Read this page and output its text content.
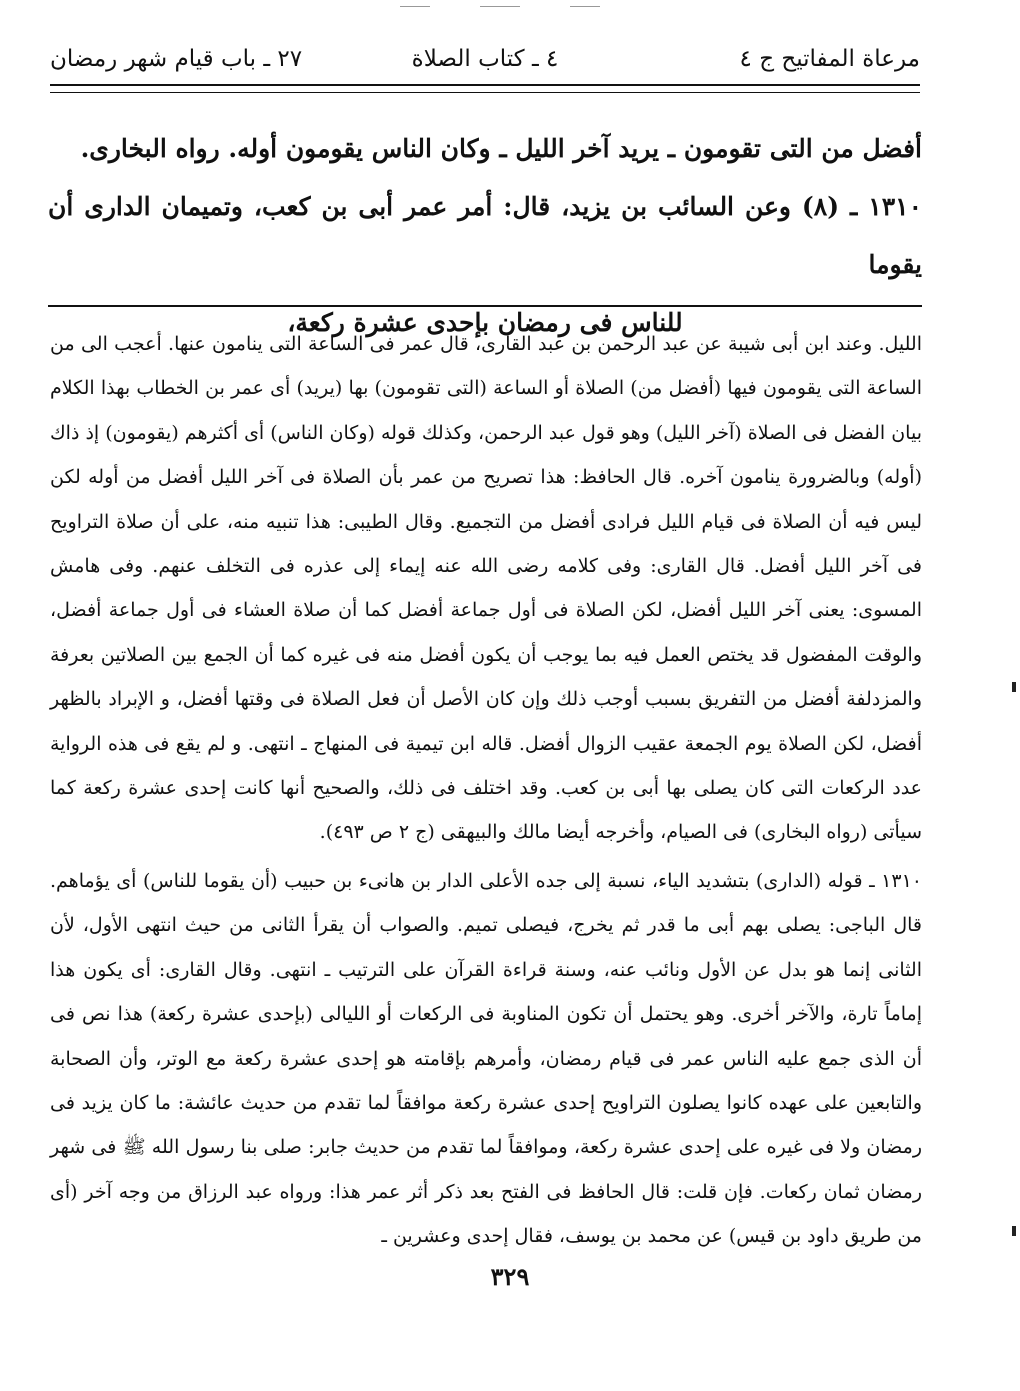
مرعاة المفاتيح ج ٤
٤ ـ كتاب الصلاة
٢٧ ـ باب قيام شهر رمضان

أفضل من التى تقومون ـ يريد آخر الليل ـ وكان الناس يقومون أوله. رواه البخارى.

١٣١٠ ـ (٨) وعن السائب بن يزيد، قال: أمر عمر أبى بن كعب، وتميمان الدارى أن يقوما

للناس فى رمضان بإحدى عشرة ركعة،

الليل. وعند ابن أبى شيبة عن عبد الرحمن بن عبد القارى، قال عمر فى الساعة التى ينامون عنها. أعجب الى من الساعة التى يقومون فيها (أفضل من) الصلاة أو الساعة (التى تقومون) بها (يريد) أى عمر بن الخطاب بهذا الكلام بيان الفضل فى الصلاة (آخر الليل) وهو قول عبد الرحمن، وكذلك قوله (وكان الناس) أى أكثرهم (يقومون) إذ ذاك (أوله) وبالضرورة ينامون آخره. قال الحافظ: هذا تصريح من عمر بأن الصلاة فى آخر الليل أفضل من أوله لكن ليس فيه أن الصلاة فى قيام الليل فرادى أفضل من التجميع. وقال الطيبى: هذا تنبيه منه، على أن صلاة التراويح فى آخر الليل أفضل. قال القارى: وفى كلامه رضى الله عنه إيماء إلى عذره فى التخلف عنهم. وفى هامش المسوى: يعنى آخر الليل أفضل، لكن الصلاة فى أول جماعة أفضل كما أن صلاة العشاء فى أول جماعة أفضل، والوقت المفضول قد يختص العمل فيه بما يوجب أن يكون أفضل منه فى غيره كما أن الجمع بين الصلاتين بعرفة والمزدلفة أفضل من التفريق بسبب أوجب ذلك وإن كان الأصل أن فعل الصلاة فى وقتها أفضل، و الإبراد بالظهر أفضل، لكن الصلاة يوم الجمعة عقيب الزوال أفضل. قاله ابن تيمية فى المنهاج ـ انتهى. و لم يقع فى هذه الرواية عدد الركعات التى كان يصلى بها أبى بن كعب. وقد اختلف فى ذلك، والصحيح أنها كانت إحدى عشرة ركعة كما سيأتى (رواه البخارى) فى الصيام، وأخرجه أيضا مالك والبيهقى (ج ٢ ص ٤٩٣).

١٣١٠ ـ قوله (الدارى) بتشديد الياء، نسبة إلى جده الأعلى الدار بن هانىء بن حبيب (أن يقوما للناس) أى يؤماهم. قال الباجى: يصلى بهم أبى ما قدر ثم يخرج، فيصلى تميم. والصواب أن يقرأ الثانى من حيث انتهى الأول، لأن الثانى إنما هو بدل عن الأول ونائب عنه، وسنة قراءة القرآن على الترتيب ـ انتهى. وقال القارى: أى يكون هذا إماماً تارة، والآخر أخرى. وهو يحتمل أن تكون المناوبة فى الركعات أو الليالى (بإحدى عشرة ركعة) هذا نص فى أن الذى جمع عليه الناس عمر فى قيام رمضان، وأمرهم بإقامته هو إحدى عشرة ركعة مع الوتر، وأن الصحابة والتابعين على عهده كانوا يصلون التراويح إحدى عشرة ركعة موافقاً لما تقدم من حديث عائشة: ما كان يزيد فى رمضان ولا فى غيره على إحدى عشرة ركعة، وموافقاً لما تقدم من حديث جابر: صلى بنا رسول الله ﷺ فى شهر رمضان ثمان ركعات. فإن قلت: قال الحافظ فى الفتح بعد ذكر أثر عمر هذا: ورواه عبد الرزاق من وجه آخر (أى من طريق داود بن قيس) عن محمد بن يوسف، فقال إحدى وعشرين ـ

٣٢٩
